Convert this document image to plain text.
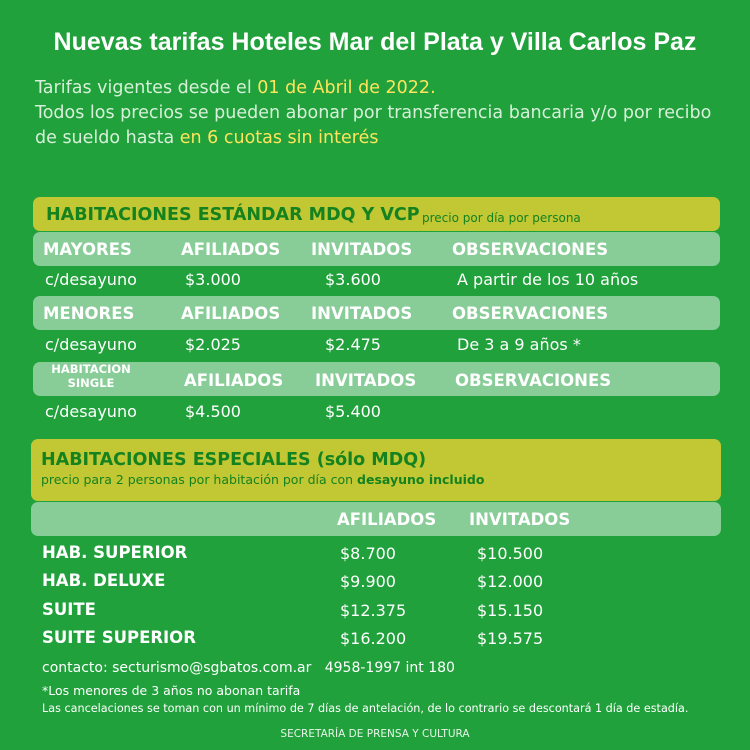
Nuevas tarifas Hoteles Mar del Plata y Villa Carlos Paz
Tarifas vigentes desde el 01 de Abril de 2022.
Todos los precios se pueden abonar por transferencia bancaria y/o por recibo
de sueldo hasta en 6 cuotas sin interés
HABITACIONES ESTÁNDAR MDQ Y VCP precio por día por persona
MAYORES	AFILIADOS INVITADOS OBSERVACIONES
c/desayuno	$3.000	$3.600	A partir de los 10 años
MENORES	AFILIADOS INVITADOS OBSERVACIONES
c/desayuno	$2.025	$2.475	De 3 a 9 años *
HABITACION
SINGLE	AFILIADOS INVITADOS OBSERVACIONES
c/desayuno	$4.500	$5.400
HABITACIONES ESPECIALES (sólo MDQ)
precio para 2 personas por habitación por día con desayuno incluido
AFILIADOS INVITADOS
HAB. SUPERIOR	$8.700	$10.500
HAB. DELUXE	$9.900	$12.000
SUITE	$12.375	$15.150
SUITE SUPERIOR	$16.200	$19.575
contacto: secturismo@sgbatos.com.ar 4958-1997 int 180
*Los menores de 3 años no abonan tarifa
Las cancelaciones se toman con un mínimo de 7 días de antelación, de lo contrario se descontará 1 día de estadía.
SECRETARÍA DE PRENSA Y CULTURA
